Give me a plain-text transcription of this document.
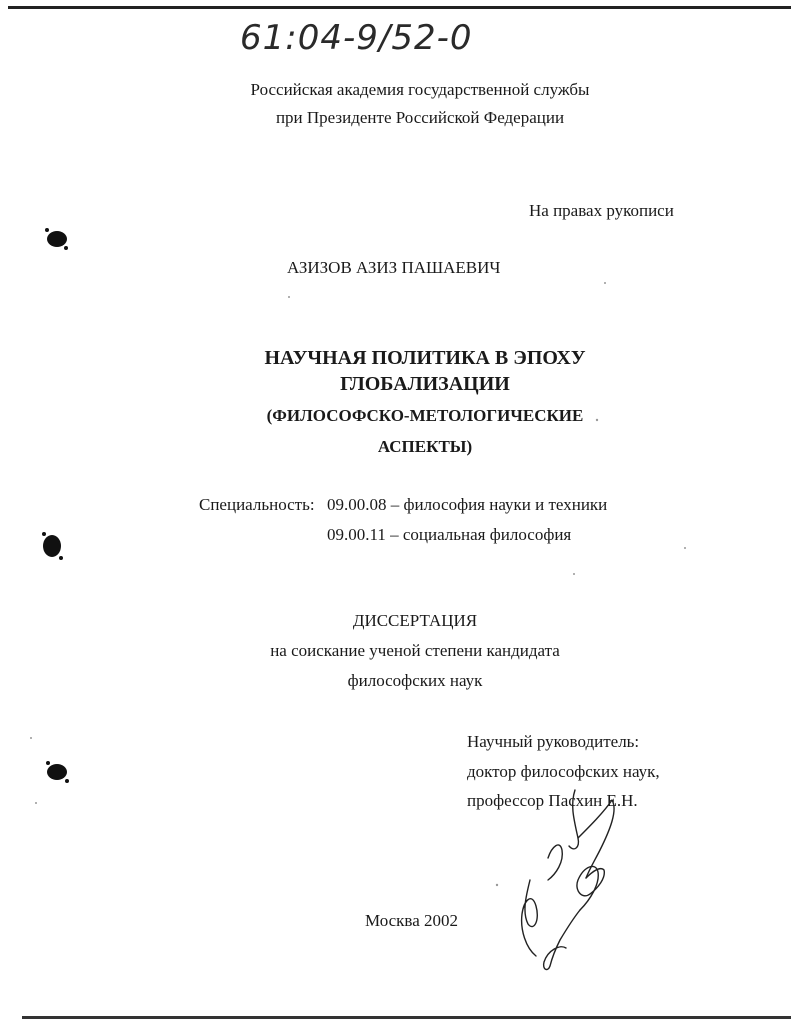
61:04-9/52-0
Российская академия государственной службы
при Президенте Российской Федерации
На правах рукописи
АЗИЗОВ АЗИЗ ПАШАЕВИЧ
НАУЧНАЯ ПОЛИТИКА В ЭПОХУ
ГЛОБАЛИЗАЦИИ
(ФИЛОСОФСКО-МЕТОЛОГИЧЕСКИЕ
АСПЕКТЫ)
Специальность: 09.00.08 – философия науки и техники
09.00.11 – социальная философия
ДИССЕРТАЦИЯ
на соискание ученой степени кандидата
философских наук
Научный руководитель:
доктор философских наук,
профессор Пасхин Е.Н.
Москва 2002
